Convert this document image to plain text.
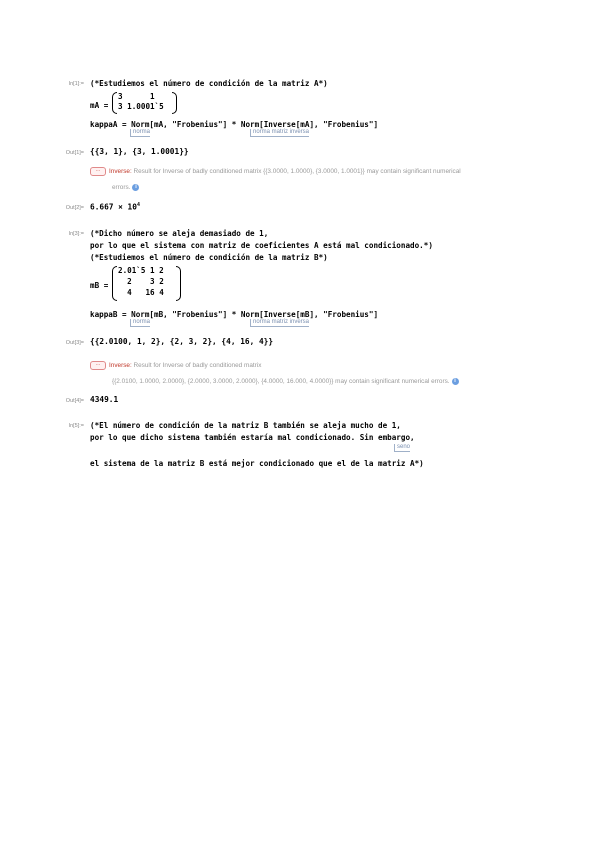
In[1]:= (*Estudiemos el número de condición de la matriz A*)
mA =
3	1
3 1.0001`5
kappaA = Norm[mA, "Frobenius"] * Norm[Inverse[mA], "Frobenius"]
norma	norma matriz inversa
Out[1]= {{3, 1}, {3, 1.0001}}
··· Inverse: Result for Inverse of badly conditioned matrix {{3.0000, 1.0000}, {3.0000, 1.0001}} may contain significant numerical
errors. i
$Out[2]= 6.667 \times 10^4$
In[3]:= (*Dicho número se aleja demasiado de 1,
por lo que el sistema con matriz de coeficientes A está mal condicionado.*)
(*Estudiemos el número de condición de la matriz B*)
mB =
2.01`5 1 2
2 3 2
4 16 4
kappaB = Norm[mB, "Frobenius"] * Norm[Inverse[mB], "Frobenius"]
norma	norma matriz inversa
Out[3]= {{2.0100, 1, 2}, {2, 3, 2}, {4, 16, 4}}
··· Inverse: Result for Inverse of badly conditioned matrix
{{2.0100, 1.0000, 2.0000}, {2.0000, 3.0000, 2.0000}, {4.0000, 16.000, 4.0000}} may contain significant numerical errors. i
Out[4]= 4349.1
In[5]:= (*El número de condición de la matriz B también se aleja mucho de 1,
por lo que dicho sistema también estaría mal condicionado. Sin embargo,
seno
el sistema de la matriz B está mejor condicionado que el de la matriz A*)
